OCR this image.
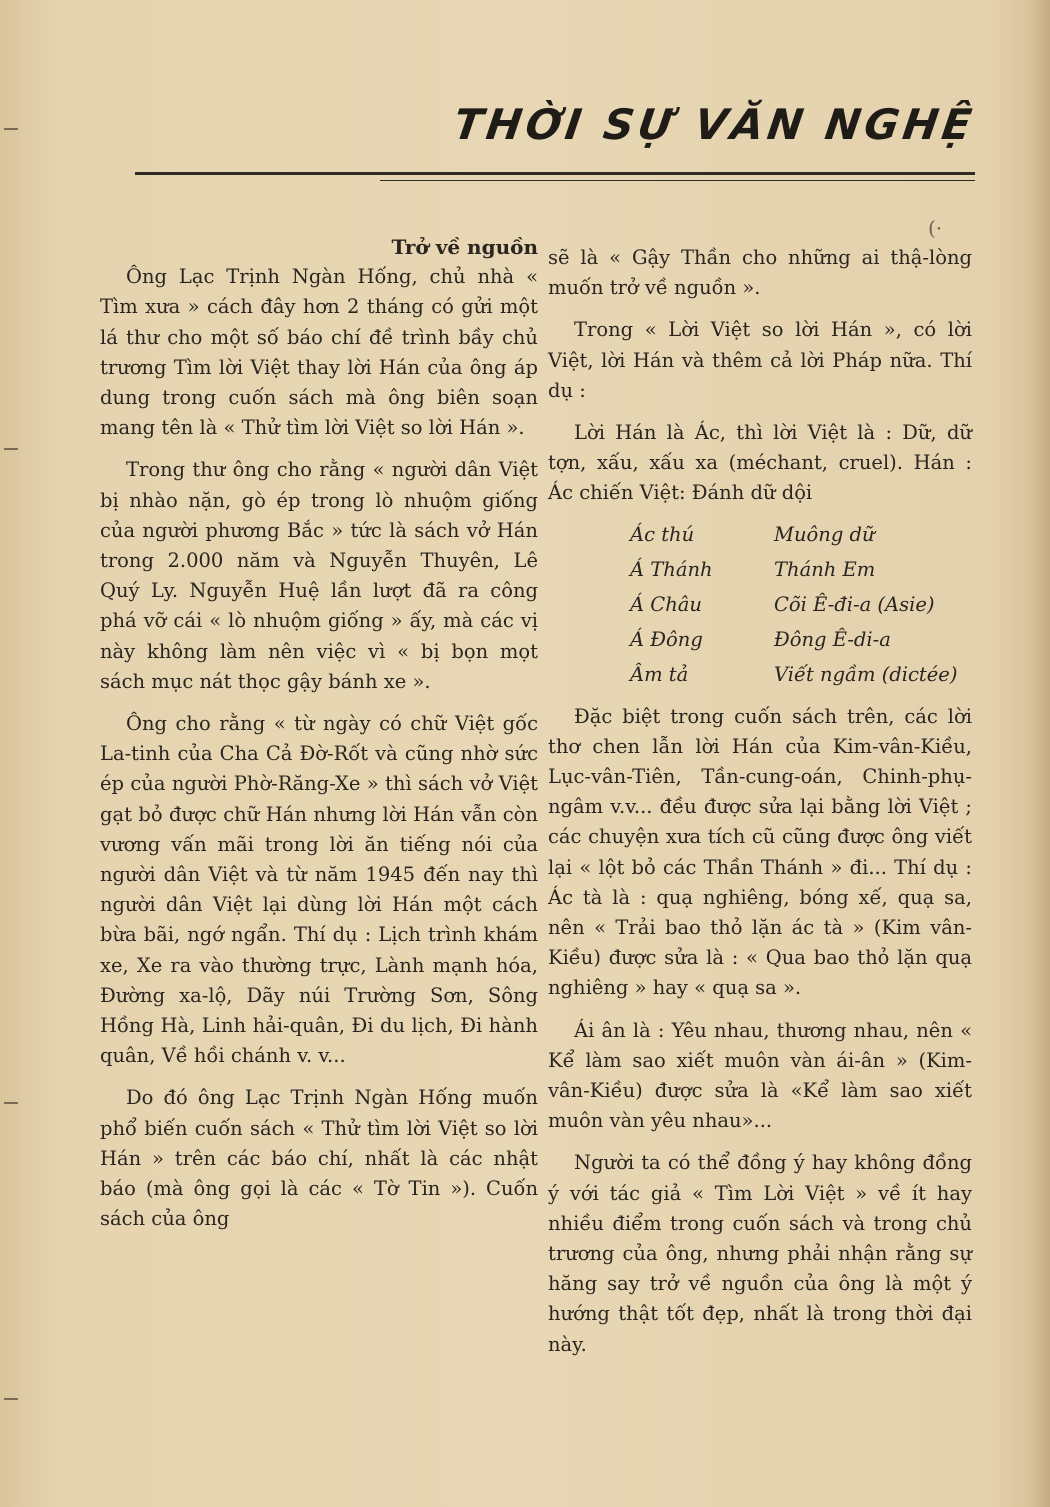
THỜI SỰ VĂN NGHỆ
(·

Trở về nguồn

Ông Lạc Trịnh Ngàn Hống, chủ nhà « Tìm xưa » cách đây hơn 2 tháng có gửi một lá thư cho một số báo chí đề trình bầy chủ trương Tìm lời Việt thay lời Hán của ông áp dung trong cuốn sách mà ông biên soạn mang tên là « Thử tìm lời Việt so lời Hán ».

Trong thư ông cho rằng « người dân Việt bị nhào nặn, gò ép trong lò nhuộm giống của người phương Bắc » tức là sách vở Hán trong 2.000 năm và Nguyễn Thuyên, Lê Quý Ly. Nguyễn Huệ lần lượt đã ra công phá vỡ cái « lò nhuộm giống » ấy, mà các vị này không làm nên việc vì « bị bọn mọt sách mục nát thọc gậy bánh xe ».

Ông cho rằng « từ ngày có chữ Việt gốc La-tinh của Cha Cả Đờ-Rốt và cũng nhờ sức ép của người Phờ-Răng-Xe » thì sách vở Việt gạt bỏ được chữ Hán nhưng lời Hán vẫn còn vương vấn mãi trong lời ăn tiếng nói của người dân Việt và từ năm 1945 đến nay thì người dân Việt lại dùng lời Hán một cách bừa bãi, ngớ ngẩn. Thí dụ : Lịch trình khám xe, Xe ra vào thường trực, Lành mạnh hóa, Đường xa-lộ, Dãy núi Trường Sơn, Sông Hồng Hà, Linh hải-quân, Đi du lịch, Đi hành quân, Về hồi chánh v. v...

Do đó ông Lạc Trịnh Ngàn Hống muốn phổ biến cuốn sách « Thử tìm lời Việt so lời Hán » trên các báo chí, nhất là các nhật báo (mà ông gọi là các « Tờ Tin »). Cuốn sách của ông

sẽ là « Gậy Thần cho những ai thậ-lòng muốn trở về nguồn ».

Trong « Lời Việt so lời Hán », có lời Việt, lời Hán và thêm cả lời Pháp nữa. Thí dụ :

Lời Hán là Ác, thì lời Việt là : Dữ, dữ tợn, xấu, xấu xa (méchant, cruel). Hán : Ác chiến Việt: Đánh dữ dội

Ác thú	Muông dữ
Á Thánh	Thánh Em
Á Châu	Cõi Ê-đi-a (Asie)
Á Đông	Đông Ê-di-a
Âm tả	Viết ngầm (dictée)

Đặc biệt trong cuốn sách trên, các lời thơ chen lẫn lời Hán của Kim-vân-Kiều, Lục-vân-Tiên, Tần-cung-oán, Chinh-phụ-ngâm v.v... đều được sửa lại bằng lời Việt ; các chuyện xưa tích cũ cũng được ông viết lại « lột bỏ các Thần Thánh » đi... Thí dụ : Ác tà là : quạ nghiêng, bóng xế, quạ sa, nên « Trải bao thỏ lặn ác tà » (Kim vân-Kiều) được sửa là : « Qua bao thỏ lặn quạ nghiêng » hay « quạ sa ».

Ái ân là : Yêu nhau, thương nhau, nên « Kể làm sao xiết muôn vàn ái-ân » (Kim-vân-Kiều) được sửa là «Kể làm sao xiết muôn vàn yêu nhau»...

Người ta có thể đồng ý hay không đồng ý với tác giả « Tìm Lời Việt » về ít hay nhiều điểm trong cuốn sách và trong chủ trương của ông, nhưng phải nhận rằng sự hăng say trở về nguồn của ông là một ý hướng thật tốt đẹp, nhất là trong thời đại này.
